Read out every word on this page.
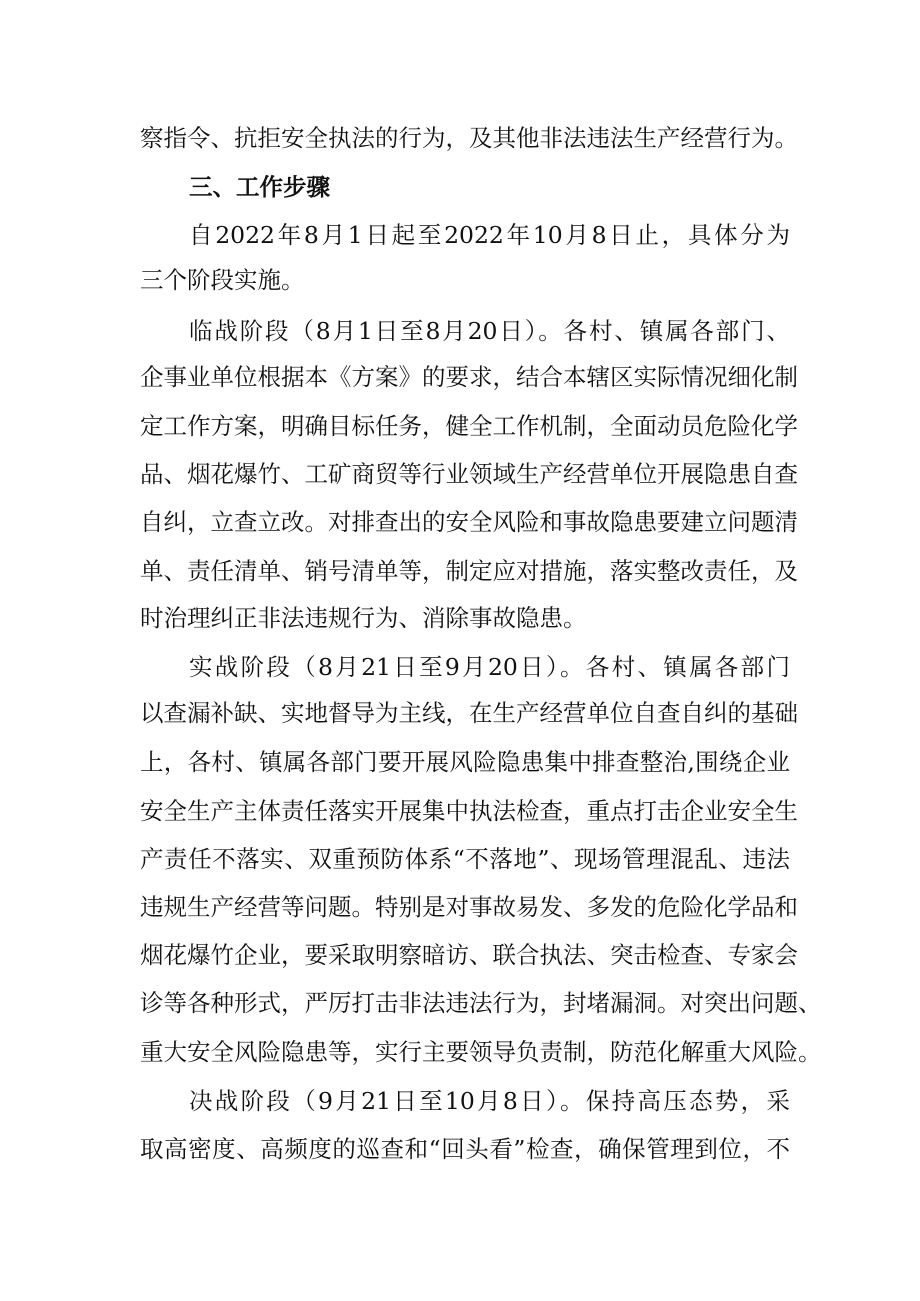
察指令、抗拒安全执法的行为，及其他非法违法生产经营行为。

三、工作步骤

自2022年8月1日起至2022年10月8日止，具体分为

三个阶段实施。

临战阶段（8月1日至8月20日）。各村、镇属各部门、

企事业单位根据本《方案》的要求，结合本辖区实际情况细化制

定工作方案，明确目标任务，健全工作机制，全面动员危险化学

品、烟花爆竹、工矿商贸等行业领域生产经营单位开展隐患自查

自纠，立查立改。对排查出的安全风险和事故隐患要建立问题清

单、责任清单、销号清单等，制定应对措施，落实整改责任，及

时治理纠正非法违规行为、消除事故隐患。

实战阶段（8月21日至9月20日）。各村、镇属各部门

以查漏补缺、实地督导为主线，在生产经营单位自查自纠的基础

上，各村、镇属各部门要开展风险隐患集中排查整治,围绕企业

安全生产主体责任落实开展集中执法检查，重点打击企业安全生

产责任不落实、双重预防体系“不落地”、现场管理混乱、违法

违规生产经营等问题。特别是对事故易发、多发的危险化学品和

烟花爆竹企业，要采取明察暗访、联合执法、突击检查、专家会

诊等各种形式，严厉打击非法违法行为，封堵漏洞。对突出问题、

重大安全风险隐患等，实行主要领导负责制，防范化解重大风险。

决战阶段（9月21日至10月8日）。保持高压态势，采

取高密度、高频度的巡查和“回头看”检查，确保管理到位，不
